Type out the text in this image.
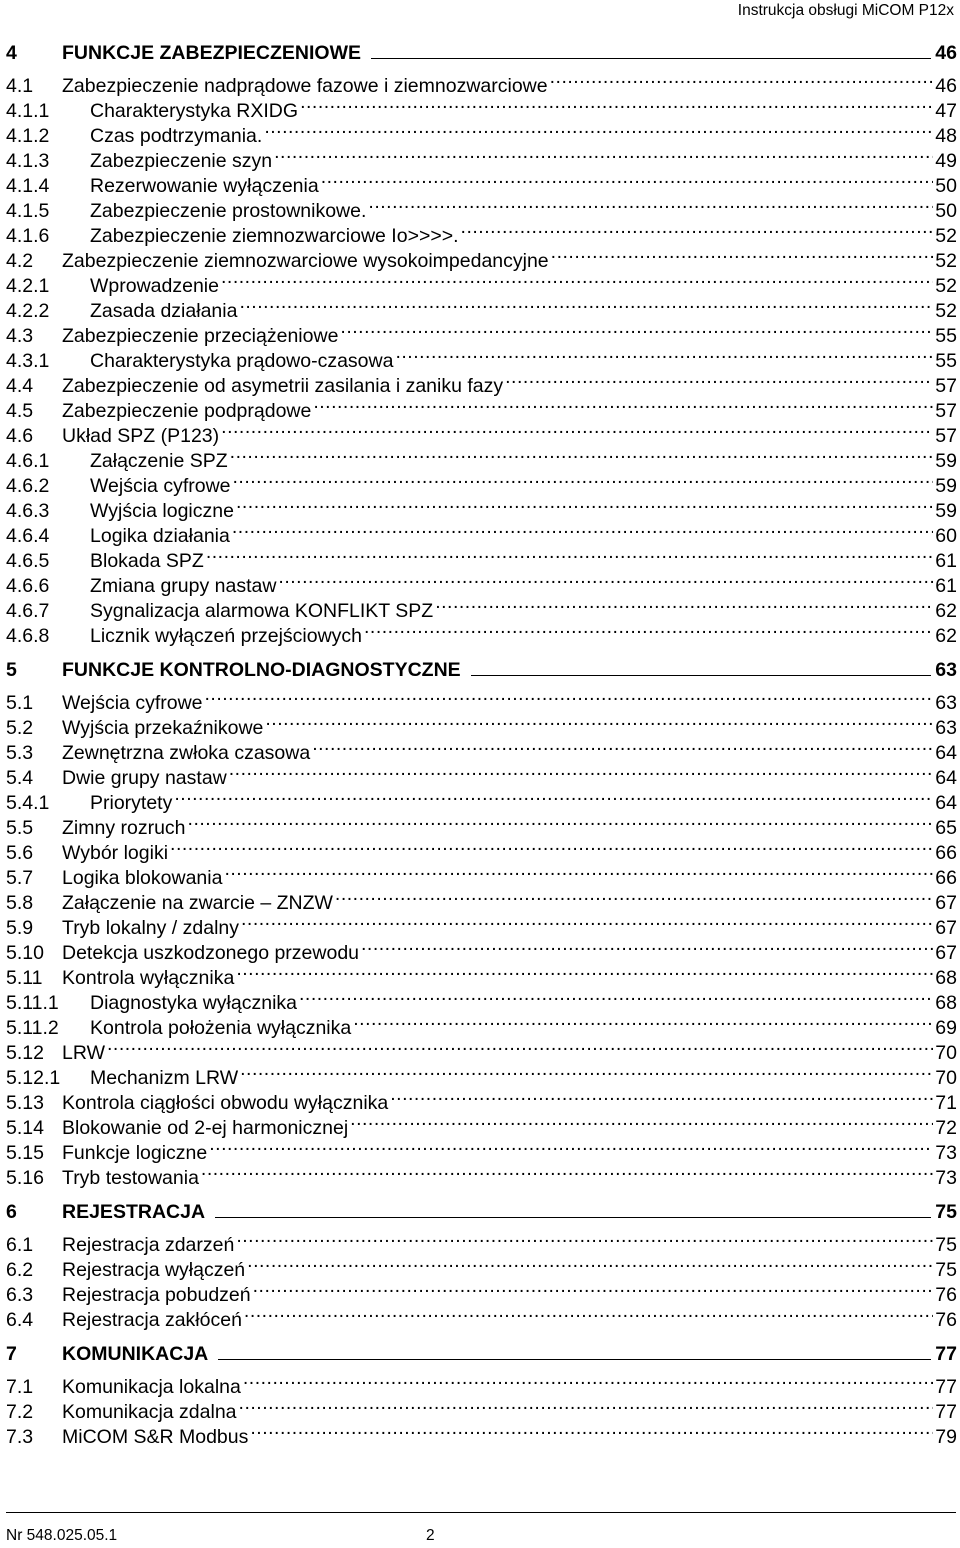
Instrukcja obsługi MiCOM P12x
4	FUNKCJE ZABEZPIECZENIOWE	46
4.1	Zabezpieczenie nadprądowe fazowe i ziemnozwarciowe .....	46
4.1.1	Charakterystyka RXIDG .....	47
4.1.2	Czas podtrzymania. .....	48
4.1.3	Zabezpieczenie szyn .....	49
4.1.4	Rezerwowanie wyłączenia .....	50
4.1.5	Zabezpieczenie prostownikowe. .....	50
4.1.6	Zabezpieczenie ziemnozwarciowe Io>>>>. .....	52
4.2	Zabezpieczenie ziemnozwarciowe wysokoimpedancyjne .....	52
4.2.1	Wprowadzenie .....	52
4.2.2	Zasada działania .....	52
4.3	Zabezpieczenie przeciążeniowe .....	55
4.3.1	Charakterystyka prądowo-czasowa .....	55
4.4	Zabezpieczenie od asymetrii zasilania i zaniku fazy .....	57
4.5	Zabezpieczenie podprądowe .....	57
4.6	Układ SPZ (P123) .....	57
4.6.1	Załączenie SPZ .....	59
4.6.2	Wejścia cyfrowe .....	59
4.6.3	Wyjścia logiczne .....	59
4.6.4	Logika działania .....	60
4.6.5	Blokada SPZ .....	61
4.6.6	Zmiana grupy nastaw .....	61
4.6.7	Sygnalizacja alarmowa KONFLIKT SPZ .....	62
4.6.8	Licznik wyłączeń przejściowych .....	62
5	FUNKCJE KONTROLNO-DIAGNOSTYCZNE	63
5.1	Wejścia cyfrowe .....	63
5.2	Wyjścia przekaźnikowe .....	63
5.3	Zewnętrzna zwłoka czasowa .....	64
5.4	Dwie grupy nastaw .....	64
5.4.1	Priorytety .....	64
5.5	Zimny rozruch .....	65
5.6	Wybór logiki .....	66
5.7	Logika blokowania .....	66
5.8	Załączenie na zwarcie – ZNZW .....	67
5.9	Tryb lokalny / zdalny .....	67
5.10 Detekcja uszkodzonego przewodu .....	67
5.11 Kontrola wyłącznika .....	68
5.11.1	Diagnostyka wyłącznika .....	68
5.11.2	Kontrola położenia wyłącznika .....	69
5.12 LRW .....	70
5.12.1	Mechanizm LRW .....	70
5.13 Kontrola ciągłości obwodu wyłącznika .....	71
5.14 Blokowanie od 2-ej harmonicznej .....	72
5.15 Funkcje logiczne .....	73
5.16 Tryb testowania .....	73
6	REJESTRACJA	75
6.1	Rejestracja zdarzeń .....	75
6.2	Rejestracja wyłączeń .....	75
6.3	Rejestracja pobudzeń .....	76
6.4	Rejestracja zakłóceń .....	76
7	KOMUNIKACJA	77
7.1	Komunikacja lokalna .....	77
7.2	Komunikacja zdalna .....	77
7.3	MiCOM S&R Modbus .....	79
Nr 548.025.05.1	2
